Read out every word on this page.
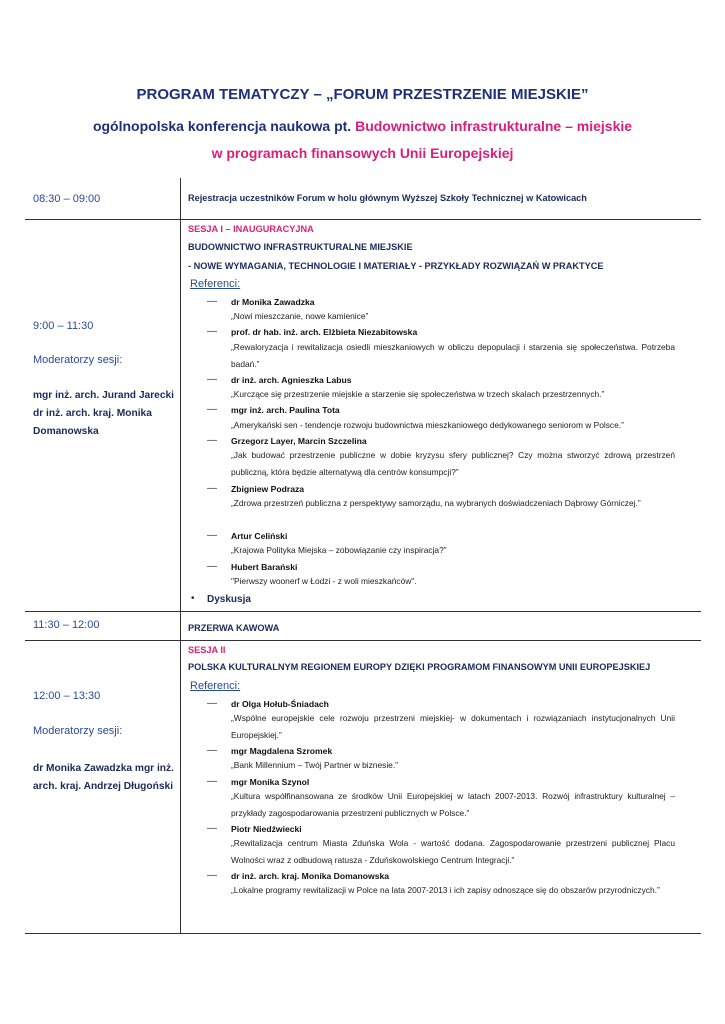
PROGRAM TEMATYCZY – „FORUM PRZESTRZENIE MIEJSKIE”
ogólnopolska konferencja naukowa pt. Budownictwo infrastrukturalne – miejskie
w programach finansowych Unii Europejskiej
08:30 – 09:00	Rejestracja uczestników Forum w holu głównym Wyższej Szkoły Technicznej w Katowicach
9:00 – 11:30
Moderatorzy sesji:
mgr inż. arch. Jurand Jarecki dr inż. arch. kraj. Monika Domanowska
SESJA I – INAUGURACYJNA
BUDOWNICTWO INFRASTRUKTURALNE MIEJSKIE
- NOWE WYMAGANIA, TECHNOLOGIE I MATERIAŁY - PRZYKŁADY ROZWIĄZAŃ W PRAKTYCE
Referenci:
— dr Monika Zawadzka
„Nowi mieszczanie, nowe kamienice”
— prof. dr hab. inż. arch. Elżbieta Niezabitowska
„Rewaloryzacja i rewitalizacja osiedli mieszkaniowych w obliczu depopulacji i starzenia się społeczeństwa. Potrzeba badań.”
— dr inż. arch. Agnieszka Labus
„Kurczące się przestrzenie miejskie a starzenie się społeczeństwa w trzech skalach przestrzennych.”
— mgr inż. arch. Paulina Tota
„Amerykański sen - tendencje rozwoju budownictwa mieszkaniowego dedykowanego seniorom w Polsce.”
— Grzegorz Layer, Marcin Szczelina
„Jak budować przestrzenie publiczne w dobie kryzysu sfery publicznej? Czy można stworzyć zdrową przestrzeń publiczną, która będzie alternatywą dla centrów konsumpcji?”
— Zbigniew Podraza
„Zdrowa przestrzeń publiczna z perspektywy samorządu, na wybranych doświadczeniach Dąbrowy Górniczej.”
— Artur Celiński
„Krajowa Polityka Miejska – zobowiązanie czy inspiracja?”
— Hubert Barański
"Pierwszy woonerf w Łodzi - z woli mieszkańców".
• Dyskusja
11:30 – 12:00	PRZERWA KAWOWA
12:00 – 13:30
Moderatorzy sesji:
dr Monika Zawadzka mgr inż. arch. kraj. Andrzej Długoński
SESJA II
POLSKA KULTURALNYM REGIONEM EUROPY DZIĘKI PROGRAMOM FINANSOWYM UNII EUROPEJSKIEJ
Referenci:
— dr Olga Hołub-Śniadach
„Wspólne europejskie cele rozwoju przestrzeni miejskiej- w dokumentach i rozwiązaniach instytucjonalnych Unii Europejskiej.”
— mgr Magdalena Szromek
„Bank Millennium – Twój Partner w biznesie.”
— mgr Monika Szynol
„Kultura współfinansowana ze środków Unii Europejskiej w latach 2007-2013. Rozwój infrastruktury kulturalnej – przykłady zagospodarowania przestrzeni publicznych w Polsce.”
— Piotr Niedźwiecki
„Rewitalizacja centrum Miasta Zduńska Wola - wartość dodana. Zagospodarowanie przestrzeni publicznej Placu Wolności wraz z odbudową ratusza - Zduńskowolskiego Centrum Integracji.”
— dr inż. arch. kraj. Monika Domanowska
„Lokalne programy rewitalizacji w Polce na lata 2007-2013 i ich zapisy odnoszące się do obszarów przyrodniczych.”
